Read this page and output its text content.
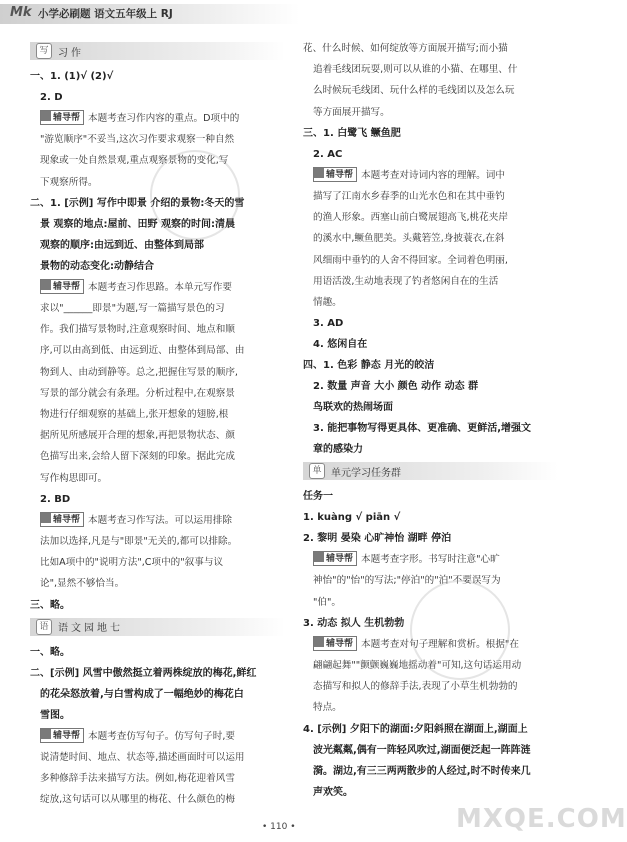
Mk 小学必刷题 语文五年级上 RJ
写 习作
一、1. (1)√ (2)√
2. D
辅导帮 本题考查习作内容的重点。D项中的
"游览顺序"不妥当,这次习作要求观察一种自然
现象或一处自然景观,重点观察景物的变化,写
下观察所得。
二、1. [示例] 写作中即景 介绍的景物:冬天的雪
景 观察的地点:屋前、田野 观察的时间:清晨
观察的顺序:由远到近、由整体到局部
景物的动态变化:动静结合
辅导帮 本题考查习作思路。本单元写作要
求以"______即景"为题,写一篇描写景色的习
作。我们描写景物时,注意观察时间、地点和顺
序,可以由高到低、由远到近、由整体到局部、由
物到人、由动到静等。总之,把握住写景的顺序,
写景的部分就会有条理。分析过程中,在观察景
物进行仔细观察的基础上,张开想象的翅膀,根
据所见所感展开合理的想象,再把景物状态、颜
色描写出来,会给人留下深刻的印象。据此完成
写作构思即可。
2. BD
辅导帮 本题考查习作写法。可以运用排除
法加以选择,凡是与"即景"无关的,都可以排除。
比如A项中的"说明方法",C项中的"叙事与议
论",显然不够恰当。
三、略。
语 语文园地七
一、略。
二、[示例] 风雪中傲然挺立着两株绽放的梅花,鲜红
的花朵怒放着,与白雪构成了一幅绝妙的梅花白
雪图。
辅导帮 本题考查仿写句子。仿写句子时,要
说清楚时间、地点、状态等,描述画面时可以运用
多种修辞手法来描写方法。例如,梅花迎着风雪
绽放,这句话可以从哪里的梅花、什么颜色的梅
花、什么时候、如何绽放等方面展开描写;而小猫
追着毛线团玩耍,则可以从谁的小猫、在哪里、什
么时候玩毛线团、玩什么样的毛线团以及怎么玩
等方面展开描写。
三、1. 白鹭飞 鳜鱼肥
2. AC
辅导帮 本题考查对诗词内容的理解。词中
描写了江南水乡春季的山光水色和在其中垂钓
的渔人形象。西塞山前白鹭展翅高飞,桃花夹岸
的溪水中,鳜鱼肥美。头戴箬笠,身披蓑衣,在斜
风细雨中垂钓的人舍不得回家。全词着色明丽,
用语活泼,生动地表现了钓者悠闲自在的生活
情趣。
3. AD
4. 悠闲自在
四、1. 色彩 静态 月光的皎洁
2. 数量 声音 大小 颜色 动作 动态 群
鸟联欢的热闹场面
3. 能把事物写得更具体、更准确、更鲜活,增强文
章的感染力
单 单元学习任务群
任务一
1. kuàng √ piān √
2. 黎明 晏染 心旷神怡 湖畔 停泊
辅导帮 本题考查字形。书写时注意"心旷
神怡"的"怡"的写法;"停泊"的"泊"不要误写为
"伯"。
3. 动态 拟人 生机勃勃
辅导帮 本题考查对句子理解和赏析。根据"在
翩翩起舞""颤颤巍巍地摇动着"可知,这句话运用动
态描写和拟人的修辞手法,表现了小草生机勃勃的
特点。
4. [示例] 夕阳下的湖面:夕阳斜照在湖面上,湖面上
波光粼粼,偶有一阵轻风吹过,湖面便泛起一阵阵涟
漪。湖边,有三三两两散步的人经过,时不时传来几
声欢笑。
MXQE.COM
• 110 •
